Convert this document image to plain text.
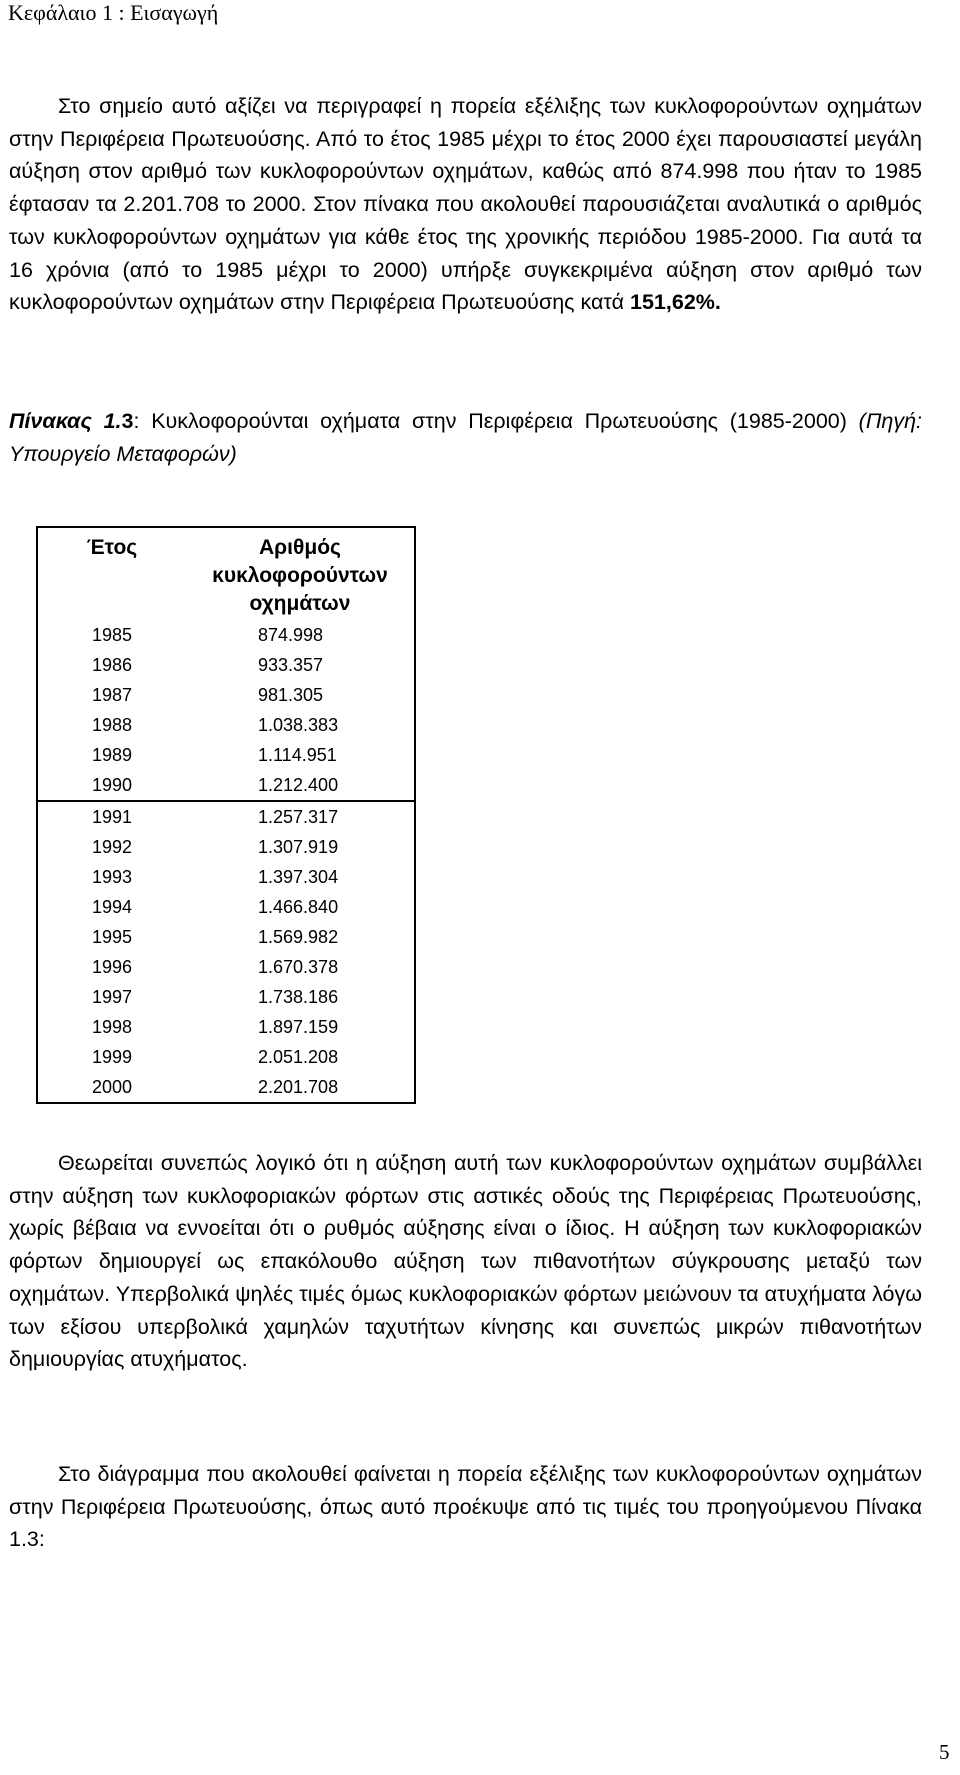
Κεφάλαιο 1 : Εισαγωγή

Στο σημείο αυτό αξίζει να περιγραφεί η πορεία εξέλιξης των κυκλοφορούντων οχημάτων στην Περιφέρεια Πρωτευούσης. Από το έτος 1985 μέχρι το έτος 2000 έχει παρουσιαστεί μεγάλη αύξηση στον αριθμό των κυκλοφορούντων οχημάτων, καθώς από 874.998 που ήταν το 1985 έφτασαν τα 2.201.708 το 2000. Στον πίνακα που ακολουθεί παρουσιάζεται αναλυτικά ο αριθμός των κυκλοφορούντων οχημάτων για κάθε έτος της χρονικής περιόδου 1985-2000. Για αυτά τα 16 χρόνια (από το 1985 μέχρι το 2000) υπήρξε συγκεκριμένα αύξηση στον αριθμό των κυκλοφορούντων οχημάτων στην Περιφέρεια Πρωτευούσης κατά 151,62%.

Πίνακας 1.3: Κυκλοφορούνται οχήματα στην Περιφέρεια Πρωτευούσης (1985-2000) (Πηγή: Υπουργείο Μεταφορών)

Έτος	Αριθμός κυκλοφορούντων οχημάτων
1985	874.998
1986	933.357
1987	981.305
1988	1.038.383
1989	1.114.951
1990	1.212.400
1991	1.257.317
1992	1.307.919
1993	1.397.304
1994	1.466.840
1995	1.569.982
1996	1.670.378
1997	1.738.186
1998	1.897.159
1999	2.051.208
2000	2.201.708

Θεωρείται συνεπώς λογικό ότι η αύξηση αυτή των κυκλοφορούντων οχημάτων συμβάλλει στην αύξηση των κυκλοφοριακών φόρτων στις αστικές οδούς της Περιφέρειας Πρωτευούσης, χωρίς βέβαια να εννοείται ότι ο ρυθμός αύξησης είναι ο ίδιος. Η αύξηση των κυκλοφοριακών φόρτων δημιουργεί ως επακόλουθο αύξηση των πιθανοτήτων σύγκρουσης μεταξύ των οχημάτων. Υπερβολικά ψηλές τιμές όμως κυκλοφοριακών φόρτων μειώνουν τα ατυχήματα λόγω των εξίσου υπερβολικά χαμηλών ταχυτήτων κίνησης και συνεπώς μικρών πιθανοτήτων δημιουργίας ατυχήματος.

Στο διάγραμμα που ακολουθεί φαίνεται η πορεία εξέλιξης των κυκλοφορούντων οχημάτων στην Περιφέρεια Πρωτευούσης, όπως αυτό προέκυψε από τις τιμές του προηγούμενου Πίνακα 1.3:

5
